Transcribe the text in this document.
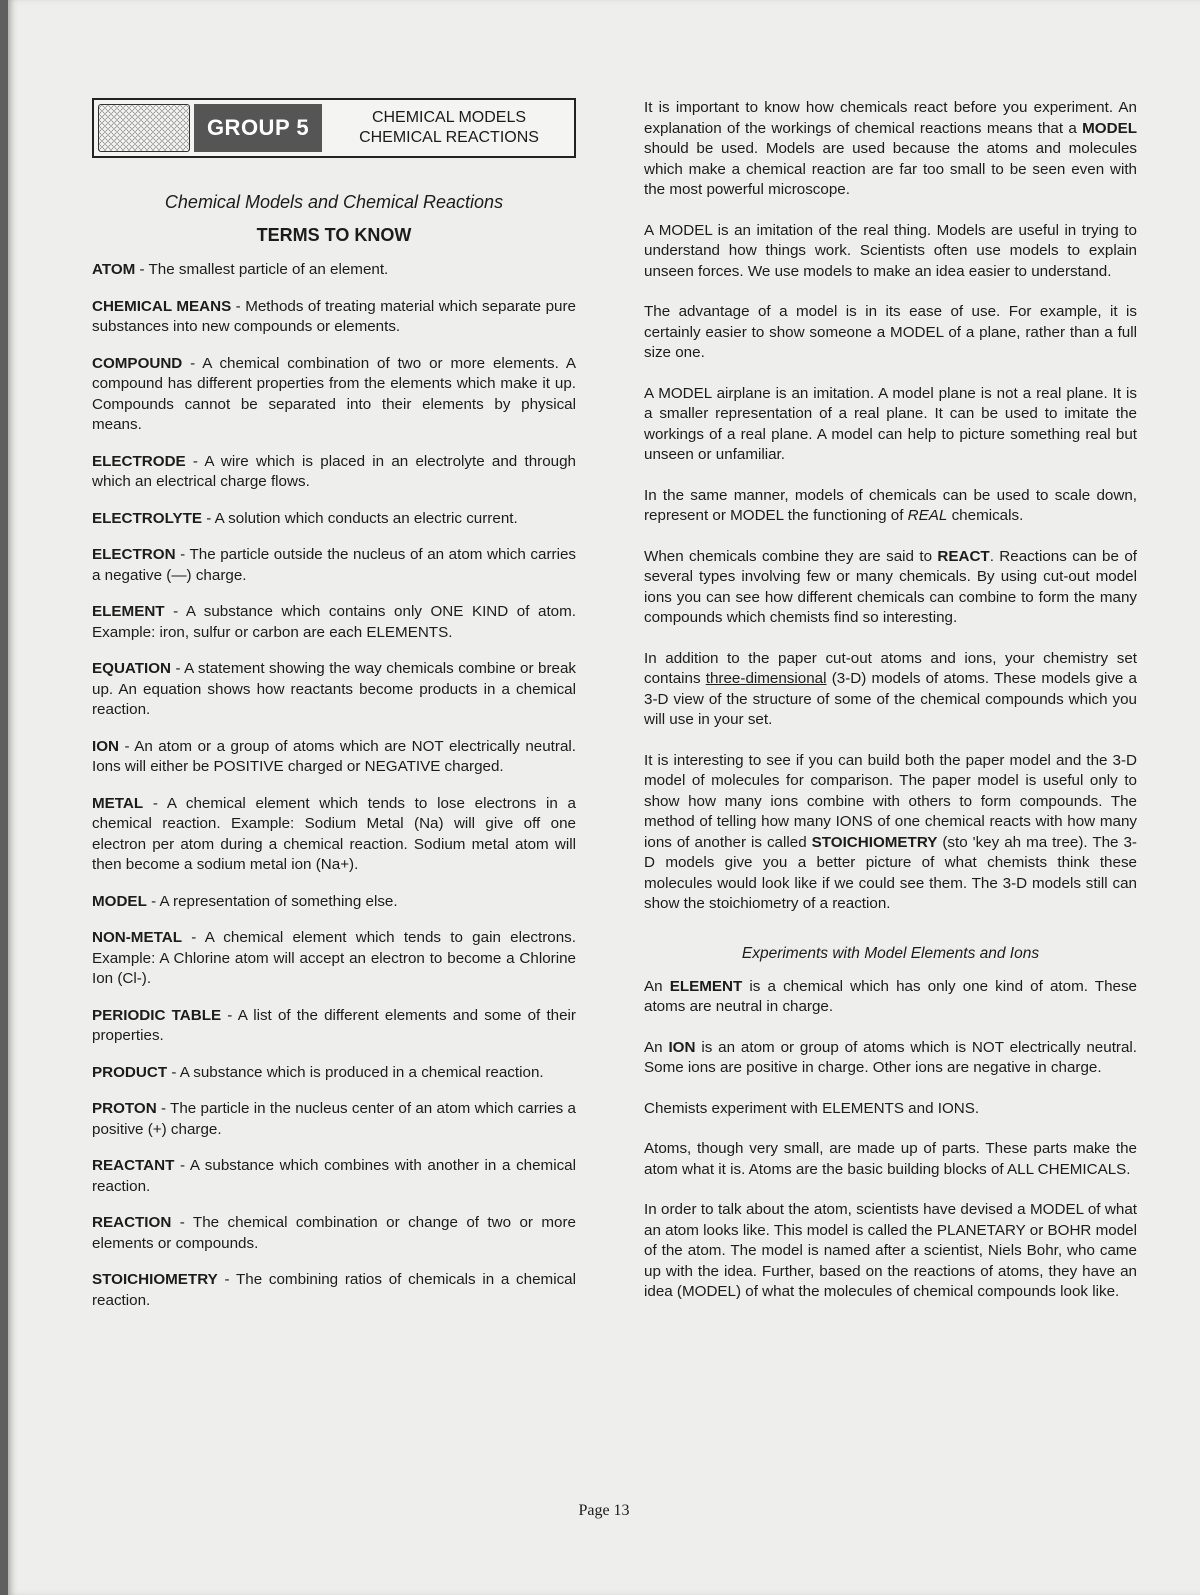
GROUP 5	CHEMICAL MODELS
CHEMICAL REACTIONS
Chemical Models and Chemical Reactions
TERMS TO KNOW
ATOM - The smallest particle of an element.
CHEMICAL MEANS - Methods of treating material which separate pure substances into new compounds or elements.
COMPOUND - A chemical combination of two or more elements. A compound has different properties from the elements which make it up. Compounds cannot be separated into their elements by physical means.
ELECTRODE - A wire which is placed in an electrolyte and through which an electrical charge flows.
ELECTROLYTE - A solution which conducts an electric current.
ELECTRON - The particle outside the nucleus of an atom which carries a negative (—) charge.
ELEMENT - A substance which contains only ONE KIND of atom. Example: iron, sulfur or carbon are each ELEMENTS.
EQUATION - A statement showing the way chemicals combine or break up. An equation shows how reactants become products in a chemical reaction.
ION - An atom or a group of atoms which are NOT electrically neutral. Ions will either be POSITIVE charged or NEGATIVE charged.
METAL - A chemical element which tends to lose electrons in a chemical reaction. Example: Sodium Metal (Na) will give off one electron per atom during a chemical reaction. Sodium metal atom will then become a sodium metal ion (Na+).
MODEL - A representation of something else.
NON-METAL - A chemical element which tends to gain electrons. Example: A Chlorine atom will accept an electron to become a Chlorine Ion (Cl-).
PERIODIC TABLE - A list of the different elements and some of their properties.
PRODUCT - A substance which is produced in a chemical reaction.
PROTON - The particle in the nucleus center of an atom which carries a positive (+) charge.
REACTANT - A substance which combines with another in a chemical reaction.
REACTION - The chemical combination or change of two or more elements or compounds.
STOICHIOMETRY - The combining ratios of chemicals in a chemical reaction.

It is important to know how chemicals react before you experiment. An explanation of the workings of chemical reactions means that a MODEL should be used. Models are used because the atoms and molecules which make a chemical reaction are far too small to be seen even with the most powerful microscope.

A MODEL is an imitation of the real thing. Models are useful in trying to understand how things work. Scientists often use models to explain unseen forces. We use models to make an idea easier to understand.

The advantage of a model is in its ease of use. For example, it is certainly easier to show someone a MODEL of a plane, rather than a full size one.

A MODEL airplane is an imitation. A model plane is not a real plane. It is a smaller representation of a real plane. It can be used to imitate the workings of a real plane. A model can help to picture something real but unseen or unfamiliar.

In the same manner, models of chemicals can be used to scale down, represent or MODEL the functioning of REAL chemicals.

When chemicals combine they are said to REACT. Reactions can be of several types involving few or many chemicals. By using cut-out model ions you can see how different chemicals can combine to form the many compounds which chemists find so interesting.

In addition to the paper cut-out atoms and ions, your chemistry set contains three-dimensional (3-D) models of atoms. These models give a 3-D view of the structure of some of the chemical compounds which you will use in your set.

It is interesting to see if you can build both the paper model and the 3-D model of molecules for comparison. The paper model is useful only to show how many ions combine with others to form compounds. The method of telling how many IONS of one chemical reacts with how many ions of another is called STOICHIOMETRY (sto 'key ah ma tree). The 3-D models give you a better picture of what chemists think these molecules would look like if we could see them. The 3-D models still can show the stoichiometry of a reaction.

Experiments with Model Elements and Ions

An ELEMENT is a chemical which has only one kind of atom. These atoms are neutral in charge.

An ION is an atom or group of atoms which is NOT electrically neutral. Some ions are positive in charge. Other ions are negative in charge.

Chemists experiment with ELEMENTS and IONS.

Atoms, though very small, are made up of parts. These parts make the atom what it is. Atoms are the basic building blocks of ALL CHEMICALS.

In order to talk about the atom, scientists have devised a MODEL of what an atom looks like. This model is called the PLANETARY or BOHR model of the atom. The model is named after a scientist, Niels Bohr, who came up with the idea. Further, based on the reactions of atoms, they have an idea (MODEL) of what the molecules of chemical compounds look like.

Page 13
